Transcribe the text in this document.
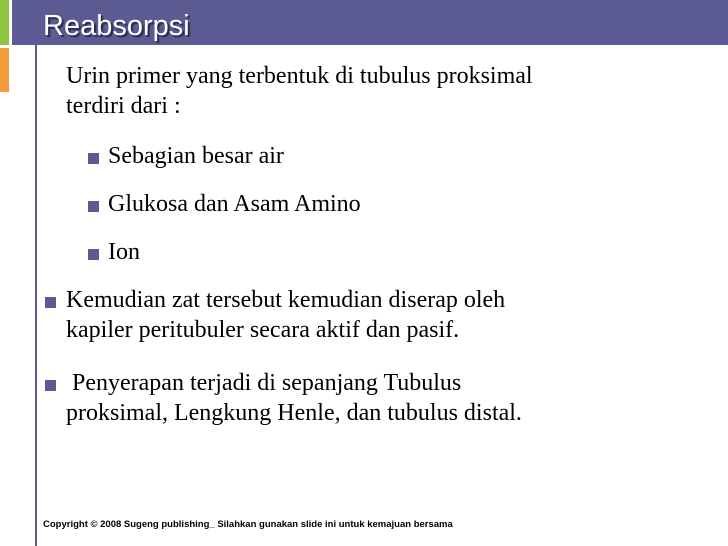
Reabsorpsi

Urin primer yang terbentuk di tubulus proksimal

terdiri dari :

Sebagian besar air

Glukosa dan Asam Amino

Ion

Kemudian zat tersebut kemudian diserap oleh

kapiler peritubuler secara aktif dan pasif.

Penyerapan terjadi di sepanjang Tubulus

proksimal, Lengkung Henle, dan tubulus distal.

Copyright © 2008 Sugeng publishing_ Silahkan gunakan slide ini untuk kemajuan bersama
